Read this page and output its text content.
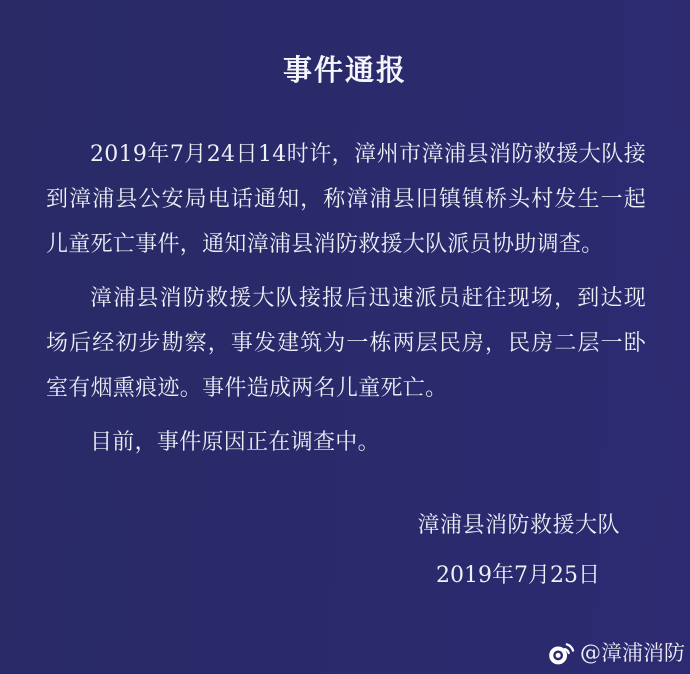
事件通报

2019年7月24日14时许，漳州市漳浦县消防救援大队接到漳浦县公安局电话通知，称漳浦县旧镇镇桥头村发生一起儿童死亡事件，通知漳浦县消防救援大队派员协助调查。

漳浦县消防救援大队接报后迅速派员赶往现场，到达现场后经初步勘察，事发建筑为一栋两层民房，民房二层一卧室有烟熏痕迹。事件造成两名儿童死亡。

目前，事件原因正在调查中。

漳浦县消防救援大队
2019年7月25日
@漳浦消防
